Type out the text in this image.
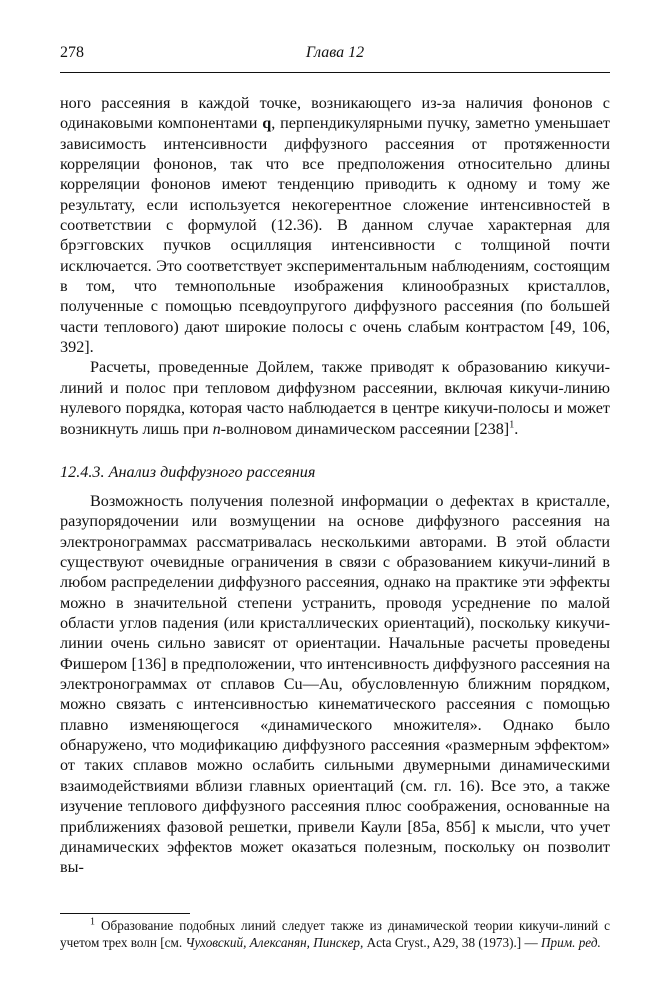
278	Глава 12

ного рассеяния в каждой точке, возникающего из-за наличия фононов с одинаковыми компонентами q, перпендикулярными пучку, заметно уменьшает зависимость интенсивности диффузного рассеяния от протяженности корреляции фононов, так что все предположения относительно длины корреляции фононов имеют тенденцию приводить к одному и тому же результату, если используется некогерентное сложение интенсивностей в соответствии с формулой (12.36). В данном случае характерная для брэгговских пучков осцилляция интенсивности с толщиной почти исключается. Это соответствует экспериментальным наблюдениям, состоящим в том, что темнопольные изображения клинообразных кристаллов, полученные с помощью псевдоупругого диффузного рассеяния (по большей части теплового) дают широкие полосы с очень слабым контрастом [49, 106, 392].

Расчеты, проведенные Дойлем, также приводят к образованию кикучи-линий и полос при тепловом диффузном рассеянии, включая кикучи-линию нулевого порядка, которая часто наблюдается в центре кикучи-полосы и может возникнуть лишь при n-волновом динамическом рассеянии $[238]^1$.

12.4.3. Анализ диффузного рассеяния

Возможность получения полезной информации о дефектах в кристалле, разупорядочении или возмущении на основе диффузного рассеяния на электронограммах рассматривалась несколькими авторами. В этой области существуют очевидные ограничения в связи с образованием кикучи-линий в любом распределении диффузного рассеяния, однако на практике эти эффекты можно в значительной степени устранить, проводя усреднение по малой области углов падения (или кристаллических ориентаций), поскольку кикучи-линии очень сильно зависят от ориентации. Начальные расчеты проведены Фишером [136] в предположении, что интенсивность диффузного рассеяния на электронограммах от сплавов Cu—Au, обусловленную ближним порядком, можно связать с интенсивностью кинематического рассеяния с помощью плавно изменяющегося «динамического множителя». Однако было обнаружено, что модификацию диффузного рассеяния «размерным эффектом» от таких сплавов можно ослабить сильными двумерными динамическими взаимодействиями вблизи главных ориентаций (см. гл. 16). Все это, а также изучение теплового диффузного рассеяния плюс соображения, основанные на приближениях фазовой решетки, привели Каули [85а, 85б] к мысли, что учет динамических эффектов может оказаться полезным, поскольку он позволит вы-

$^1$ Образование подобных линий следует также из динамической теории кикучи-линий с учетом трех волн [см. Чуховский, Алексанян, Пинскер, Acta Cryst., A29, 38 (1973).] — Прим. ред.
